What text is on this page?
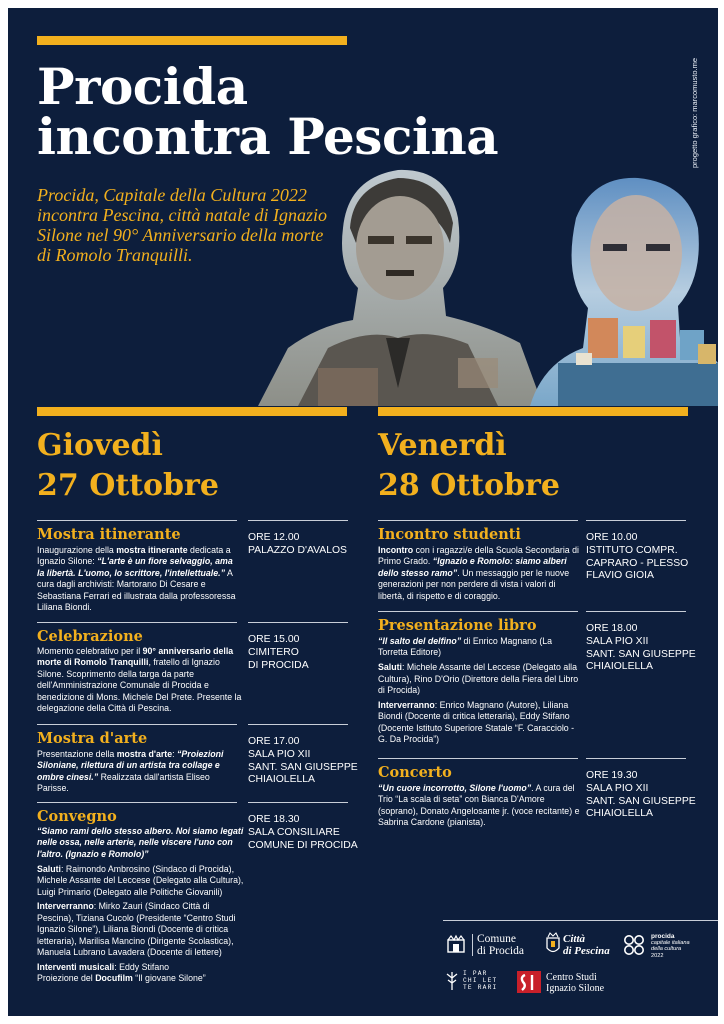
Procida
incontra Pescina
Procida, Capitale della Cultura 2022 incontra Pescina, città natale di Ignazio Silone nel 90° Anniversario della morte di Romolo Tranquilli.
progetto grafico: marcomusto.me
Giovedì
27 Ottobre
Venerdì
28 Ottobre
Mostra itinerante

Inaugurazione della mostra itinerante dedicata a Ignazio Silone: “L'arte è un fiore selvaggio, ama la libertà. L'uomo, lo scrittore, l'intellettuale.” A cura dagli archivisti: Martorano Di Cesare e Sebastiana Ferrari ed illustrata dalla professoressa Liliana Biondi.

ORE 12.00
PALAZZO D'AVALOS
Celebrazione

Momento celebrativo per il 90° anniversario della morte di Romolo Tranquilli, fratello di Ignazio Silone. Scoprimento della targa da parte dell'Amministrazione Comunale di Procida e benedizione di Mons. Michele Del Prete. Presente la delegazione della Città di Pescina.

ORE 15.00
CIMITERO
DI PROCIDA
Mostra d'arte

Presentazione della mostra d'arte: “Proiezioni Siloniane, rilettura di un artista tra collage e ombre cinesi.” Realizzata dall'artista Eliseo Parisse.

ORE 17.00
SALA PIO XII
SANT. SAN GIUSEPPE
CHIAIOLELLA
Convegno

“Siamo rami dello stesso albero. Noi siamo legati nelle ossa, nelle arterie, nelle viscere l'uno con l'altro. (Ignazio e Romolo)”

Saluti: Raimondo Ambrosino (Sindaco di Procida), Michele Assante del Leccese (Delegato alla Cultura), Luigi Primario (Delegato alle Politiche Giovanili)

Interverranno: Mirko Zauri (Sindaco Città di Pescina), Tiziana Cucolo (Presidente “Centro Studi Ignazio Silone”), Liliana Biondi (Docente di critica letteraria), Marilisa Mancino (Dirigente Scolastica), Manuela Lubrano Lavadera (Docente di lettere)

Interventi musicali: Eddy Stifano
Proiezione del Docufilm “Il giovane Silone”

ORE 18.30
SALA CONSILIARE
COMUNE DI PROCIDA
Incontro studenti

Incontro con i ragazzi/e della Scuola Secondaria di Primo Grado. “Ignazio e Romolo: siamo alberi dello stesso ramo”. Un messaggio per le nuove generazioni per non perdere di vista i valori di libertà, di rispetto e di coraggio.

ORE 10.00
ISTITUTO COMPR.
CAPRARO - PLESSO
FLAVIO GIOIA
Presentazione libro

“Il salto del delfino” di Enrico Magnano (La Torretta Editore)

Saluti: Michele Assante del Leccese (Delegato alla Cultura), Rino D'Orio (Direttore della Fiera del Libro di Procida)

Interverranno: Enrico Magnano (Autore), Liliana Biondi (Docente di critica letteraria), Eddy Stifano (Docente Istituto Superiore Statale “F. Caracciolo - G. Da Procida”)

ORE 18.00
SALA PIO XII
SANT. SAN GIUSEPPE
CHIAIOLELLA
Concerto

“Un cuore incorrotto, Silone l'uomo”. A cura del Trio “La scala di seta” con Bianca D'Amore (soprano), Donato Angelosante jr. (voce recitante) e Sabrina Cardone (pianista).

ORE 19.30
SALA PIO XII
SANT. SAN GIUSEPPE
CHIAIOLELLA
Comune
di Procida
Città
di Pescina
procida
capitale italiana
della cultura
2022
I PAR CHI LET TE RARI
Centro Studi
Ignazio Silone
